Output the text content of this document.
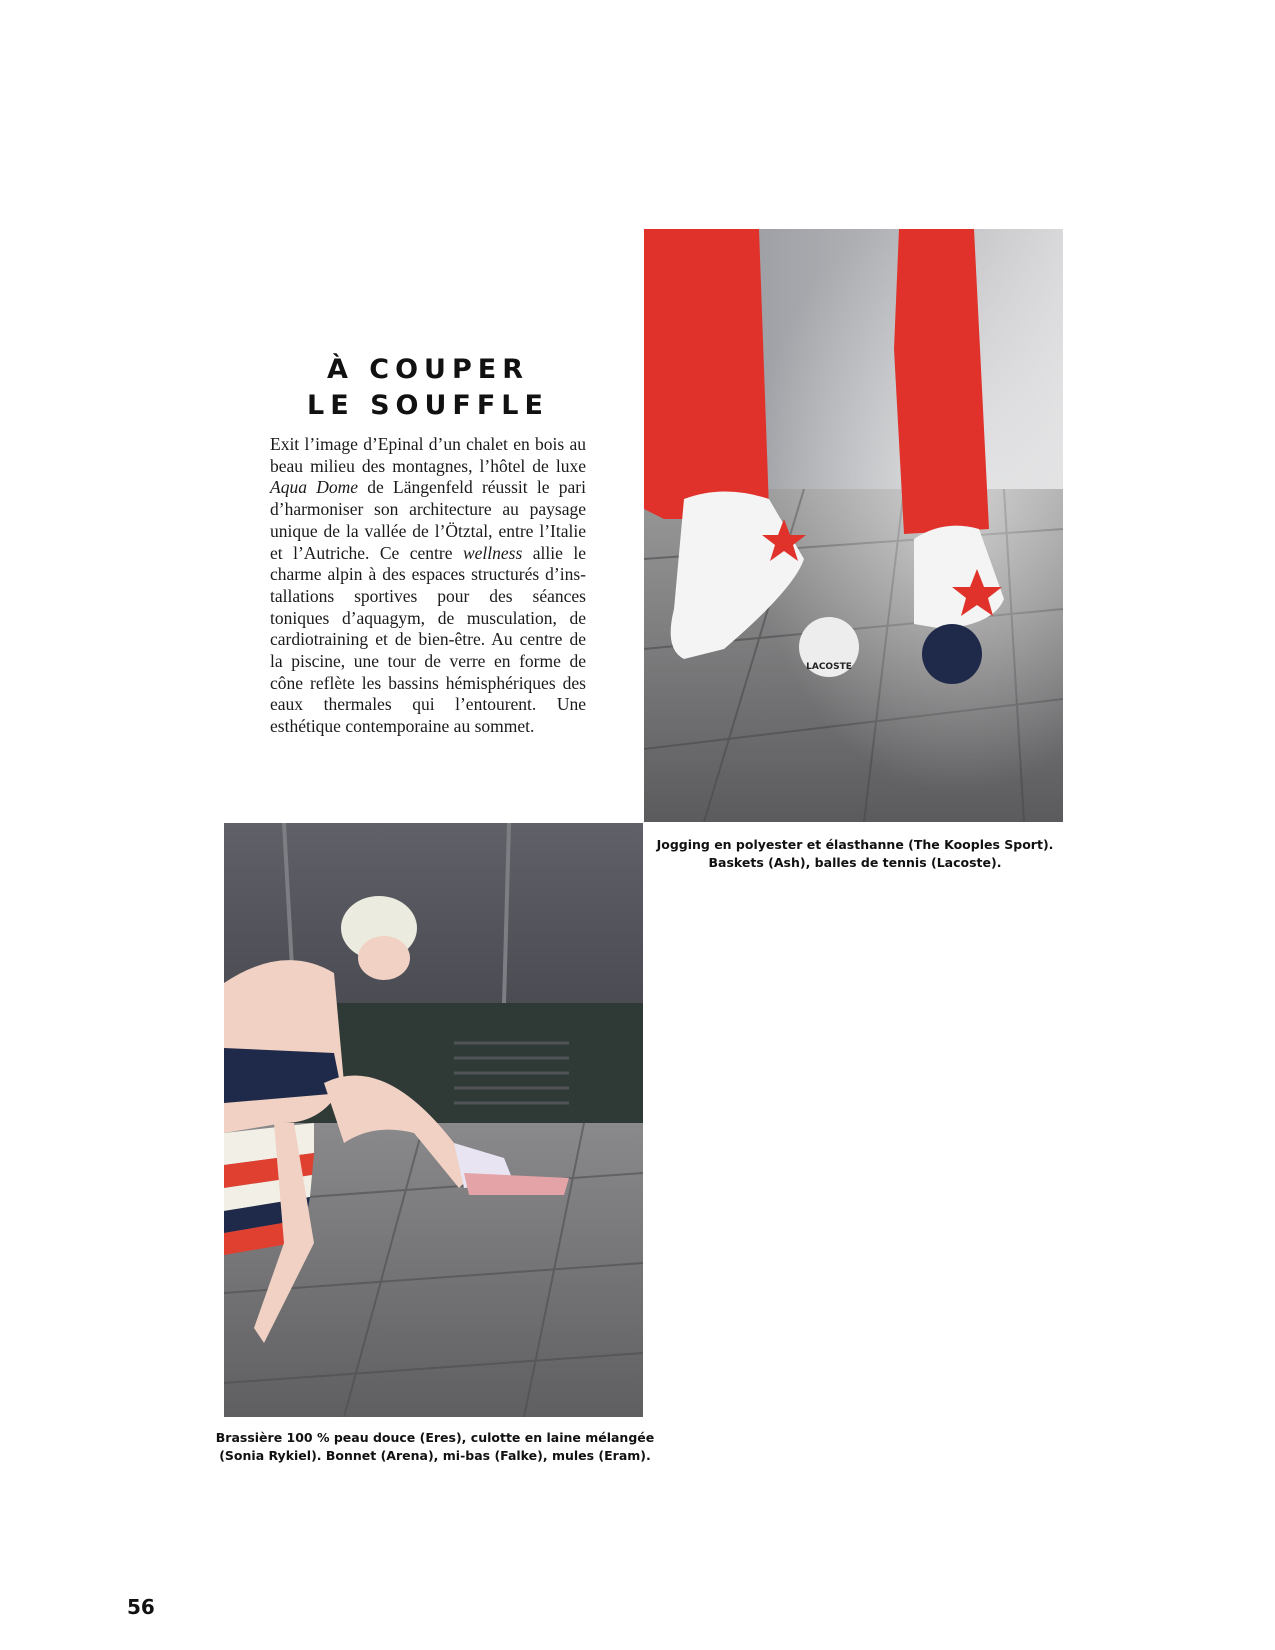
À COUPER
LE SOUFFLE

Exit l’image d’Epinal d’un chalet en bois au beau milieu des montagnes, l’hôtel de luxe Aqua Dome de Längenfeld réussit le pari d’harmoniser son architecture au paysage unique de la vallée de l’Ötztal, entre l’Italie et l’Autriche. Ce centre wellness allie le charme alpin à des espaces structurés d’installations sportives pour des séances toniques d’aquagym, de musculation, de cardiotraining et de bien-être. Au centre de la piscine, une tour de verre en forme de cône reflète les bassins hémisphériques des eaux thermales qui l’entourent. Une esthétique contemporaine au sommet.

LACOSTE

Jogging en polyester et élasthanne (The Kooples Sport).
Baskets (Ash), balles de tennis (Lacoste).

Brassière 100 % peau douce (Eres), culotte en laine mélangée
(Sonia Rykiel). Bonnet (Arena), mi-bas (Falke), mules (Eram).

56
